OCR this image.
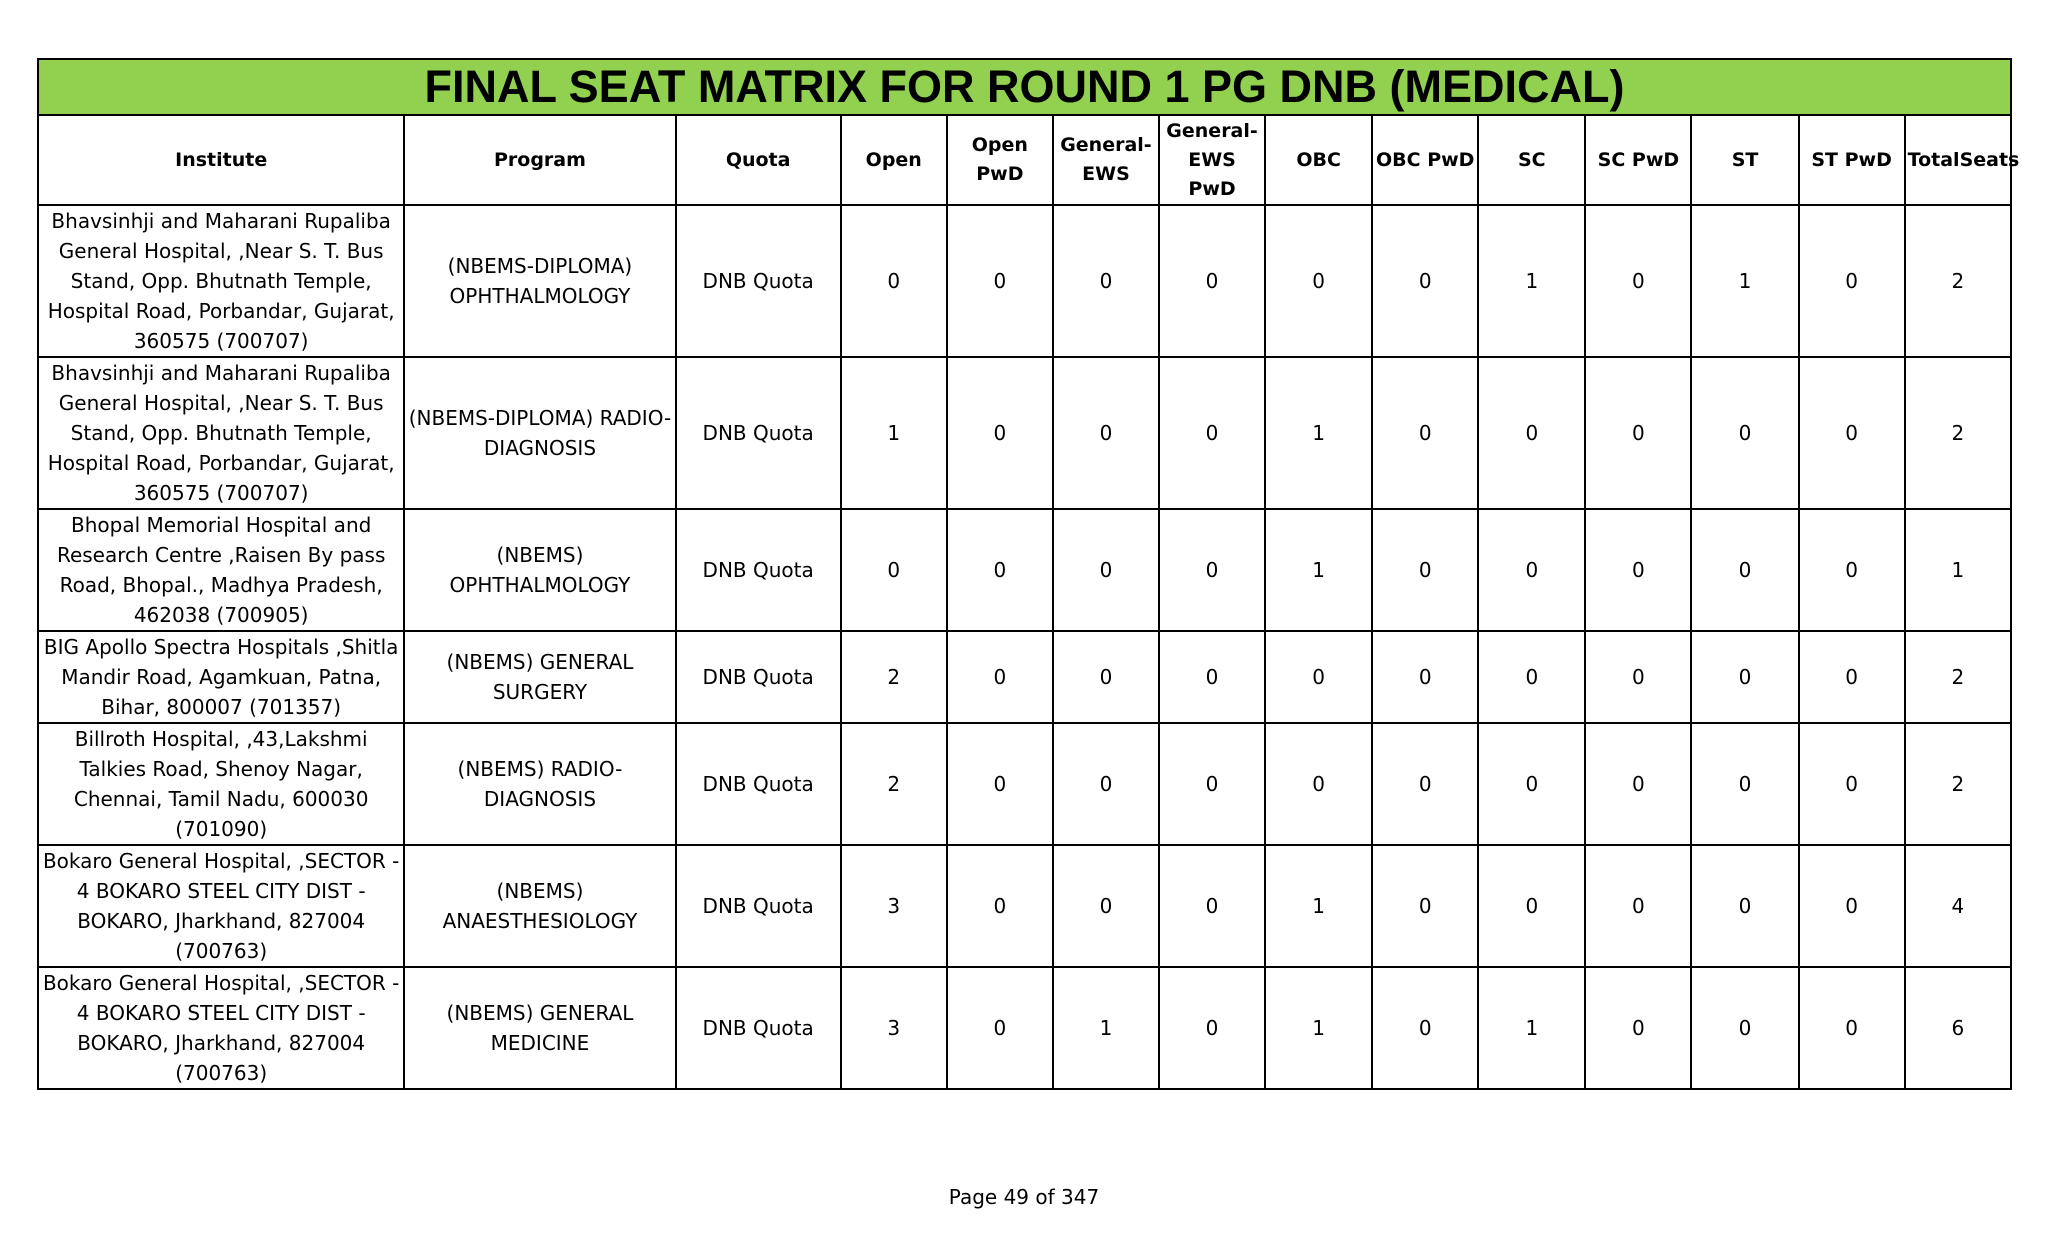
FINAL SEAT MATRIX FOR ROUND 1 PG DNB (MEDICAL)													
Institute	Program	Quota	Open	Open PwD	General-EWS	General-EWS PwD	OBC	OBC PwD	SC	SC PwD	ST	ST PwD	TotalSeats
Bhavsinhji and Maharani Rupaliba General Hospital, ,Near S. T. Bus Stand, Opp. Bhutnath Temple, Hospital Road, Porbandar, Gujarat, 360575 (700707)	(NBEMS-DIPLOMA) OPHTHALMOLOGY	DNB Quota	0	0	0	0	0	0	1	0	1	0	2
Bhavsinhji and Maharani Rupaliba General Hospital, ,Near S. T. Bus Stand, Opp. Bhutnath Temple, Hospital Road, Porbandar, Gujarat, 360575 (700707)	(NBEMS-DIPLOMA) RADIO-DIAGNOSIS	DNB Quota	1	0	0	0	1	0	0	0	0	0	2
Bhopal Memorial Hospital and Research Centre ,Raisen By pass Road, Bhopal., Madhya Pradesh, 462038 (700905)	(NBEMS) OPHTHALMOLOGY	DNB Quota	0	0	0	0	1	0	0	0	0	0	1
BIG Apollo Spectra Hospitals ,Shitla Mandir Road, Agamkuan, Patna, Bihar, 800007 (701357)	(NBEMS) GENERAL SURGERY	DNB Quota	2	0	0	0	0	0	0	0	0	0	2
Billroth Hospital, ,43,Lakshmi Talkies Road, Shenoy Nagar, Chennai, Tamil Nadu, 600030 (701090)	(NBEMS) RADIO-DIAGNOSIS	DNB Quota	2	0	0	0	0	0	0	0	0	0	2
Bokaro General Hospital, ,SECTOR - 4 BOKARO STEEL CITY DIST - BOKARO, Jharkhand, 827004 (700763)	(NBEMS) ANAESTHESIOLOGY	DNB Quota	3	0	0	0	1	0	0	0	0	0	4
Bokaro General Hospital, ,SECTOR - 4 BOKARO STEEL CITY DIST - BOKARO, Jharkhand, 827004 (700763)	(NBEMS) GENERAL MEDICINE	DNB Quota	3	0	1	0	1	0	1	0	0	0	6
Page 49 of 347
